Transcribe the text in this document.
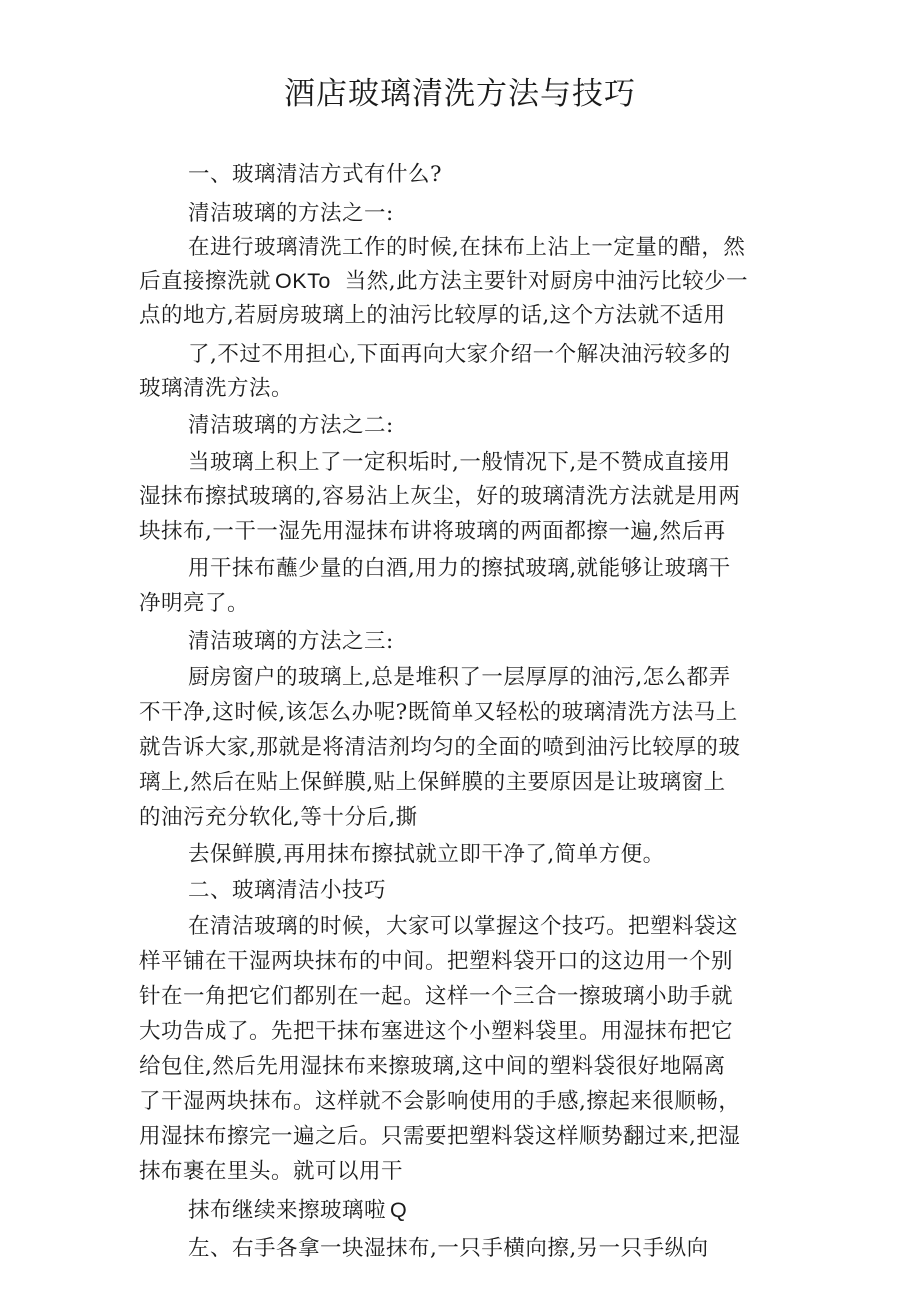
酒店玻璃清洗方法与技巧

一、玻璃清洁方式有什么?

清洁玻璃的方法之一:

在进行玻璃清洗工作的时候,在抹布上沾上一定量的醋，然

后直接擦洗就 OKTo 当然,此方法主要针对厨房中油污比较少一

点的地方,若厨房玻璃上的油污比较厚的话,这个方法就不适用

了,不过不用担心,下面再向大家介绍一个解决油污较多的

玻璃清洗方法。

清洁玻璃的方法之二:

当玻璃上积上了一定积垢时,一般情况下,是不赞成直接用

湿抹布擦拭玻璃的,容易沾上灰尘，好的玻璃清洗方法就是用两

块抹布,一干一湿先用湿抹布讲将玻璃的两面都擦一遍,然后再

用干抹布蘸少量的白酒,用力的擦拭玻璃,就能够让玻璃干

净明亮了。

清洁玻璃的方法之三:

厨房窗户的玻璃上,总是堆积了一层厚厚的油污,怎么都弄

不干净,这时候,该怎么办呢?既简单又轻松的玻璃清洗方法马上

就告诉大家,那就是将清洁剂均匀的全面的喷到油污比较厚的玻

璃上,然后在贴上保鲜膜,贴上保鲜膜的主要原因是让玻璃窗上

的油污充分软化,等十分后,撕

去保鲜膜,再用抹布擦拭就立即干净了,简单方便。

二、玻璃清洁小技巧

在清洁玻璃的时候，大家可以掌握这个技巧。把塑料袋这

样平铺在干湿两块抹布的中间。把塑料袋开口的这边用一个别

针在一角把它们都别在一起。这样一个三合一擦玻璃小助手就

大功告成了。先把干抹布塞进这个小塑料袋里。用湿抹布把它

给包住,然后先用湿抹布来擦玻璃,这中间的塑料袋很好地隔离

了干湿两块抹布。这样就不会影响使用的手感,擦起来很顺畅，

用湿抹布擦完一遍之后。只需要把塑料袋这样顺势翻过来,把湿

抹布裹在里头。就可以用干

抹布继续来擦玻璃啦 Q

左、右手各拿一块湿抹布,一只手横向擦,另一只手纵向
